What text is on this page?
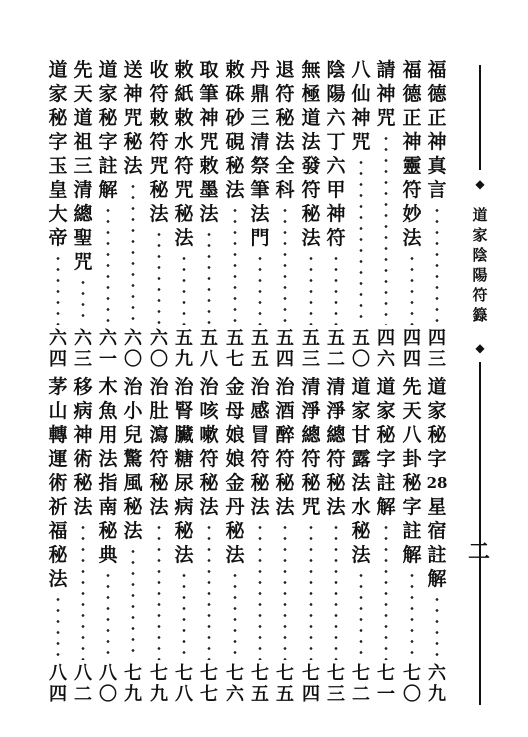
◆
道
家
陰
陽
符
籙
◆
二
福
德
正
神
真
言
四
三
福
德
正
神
靈
符
妙
法
四
四
請
神
咒
四
六
八
仙
神
咒
五
〇
陰
陽
六
丁
六
甲
神
符
五
二
無
極
道
法
發
符
秘
法
五
三
退
符
秘
法
全
科
五
四
丹
鼎
三
清
祭
筆
法
門
五
五
敕
硃
砂
硯
秘
法
五
七
取
筆
神
咒
敕
墨
法
五
八
敕
紙
敕
水
符
咒
秘
法
五
九
收
符
敕
符
咒
秘
法
六
〇
送
神
咒
秘
法
六
〇
道
家
秘
字
註
解
六
一
先
天
道
祖
三
清
總
聖
咒
六
三
道
家
秘
字
玉
皇
大
帝
六
四
道
家
秘
字
28
星
宿
註
解
六
九
先
天
八
卦
秘
字
註
解
七
〇
道
家
秘
字
註
解
七
一
道
家
甘
露
法
水
秘
法
七
二
清
淨
總
符
秘
法
七
三
清
淨
總
符
秘
咒
七
四
治
酒
醉
符
秘
法
七
五
治
感
冒
符
秘
法
七
五
金
母
娘
娘
金
丹
秘
法
七
六
治
咳
嗽
符
秘
法
七
七
治
腎
臟
糖
尿
病
秘
法
七
八
治
肚
瀉
符
秘
法
七
九
治
小
兒
驚
風
秘
法
七
九
木
魚
用
法
指
南
秘
典
八
〇
移
病
神
術
秘
法
八
二
茅
山
轉
運
術
祈
福
秘
法
八
四
